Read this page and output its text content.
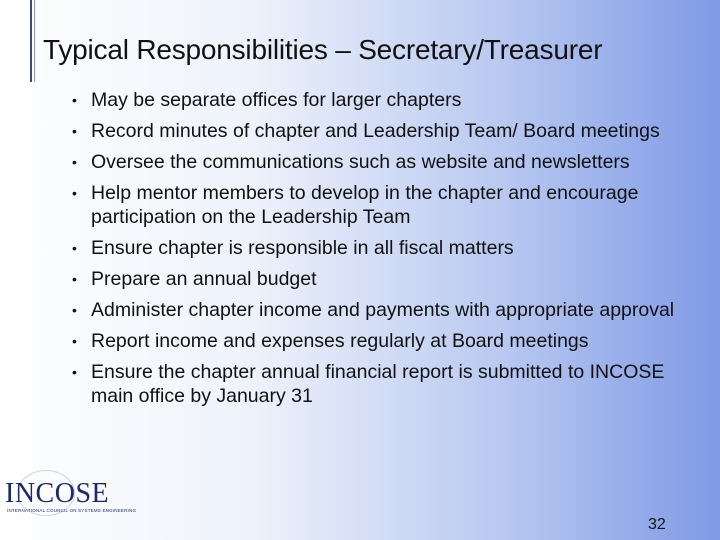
Typical Responsibilities – Secretary/Treasurer
• May be separate offices for larger chapters
• Record minutes of chapter and Leadership Team/ Board meetings
• Oversee the communications such as website and newsletters
• Help mentor members to develop in the chapter and encourage participation on the Leadership Team
• Ensure chapter is responsible in all fiscal matters
• Prepare an annual budget
• Administer chapter income and payments with appropriate approval
• Report income and expenses regularly at Board meetings
• Ensure the chapter annual financial report is submitted to INCOSE main office by January 31
INCOSE
INTERNATIONAL COUNCIL ON SYSTEMS ENGINEERING
32
